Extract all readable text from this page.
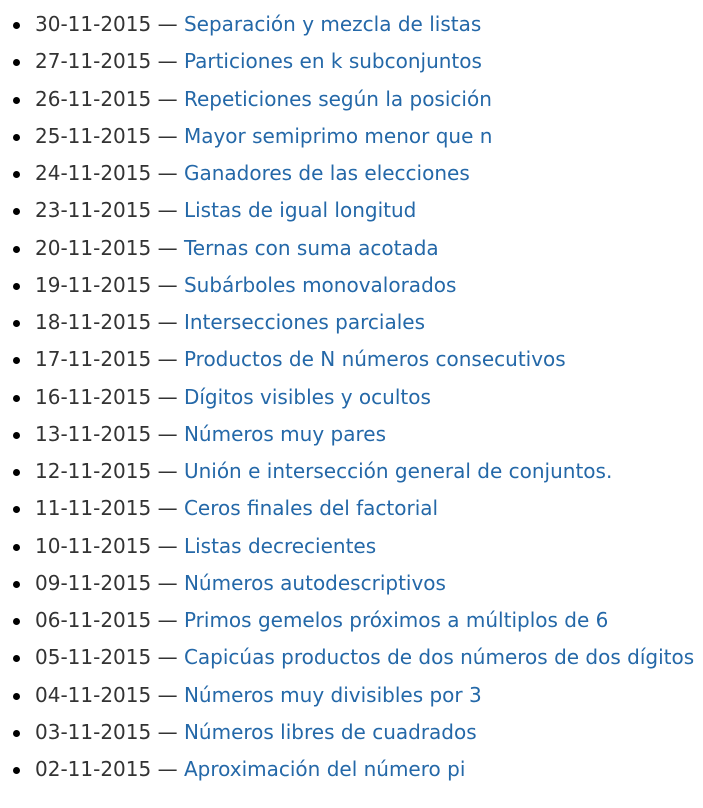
30-11-2015 — Separación y mezcla de listas
27-11-2015 — Particiones en k subconjuntos
26-11-2015 — Repeticiones según la posición
25-11-2015 — Mayor semiprimo menor que n
24-11-2015 — Ganadores de las elecciones
23-11-2015 — Listas de igual longitud
20-11-2015 — Ternas con suma acotada
19-11-2015 — Subárboles monovalorados
18-11-2015 — Intersecciones parciales
17-11-2015 — Productos de N números consecutivos
16-11-2015 — Dígitos visibles y ocultos
13-11-2015 — Números muy pares
12-11-2015 — Unión e intersección general de conjuntos.
11-11-2015 — Ceros finales del factorial
10-11-2015 — Listas decrecientes
09-11-2015 — Números autodescriptivos
06-11-2015 — Primos gemelos próximos a múltiplos de 6
05-11-2015 — Capicúas productos de dos números de dos dígitos
04-11-2015 — Números muy divisibles por 3
03-11-2015 — Números libres de cuadrados
02-11-2015 — Aproximación del número pi
